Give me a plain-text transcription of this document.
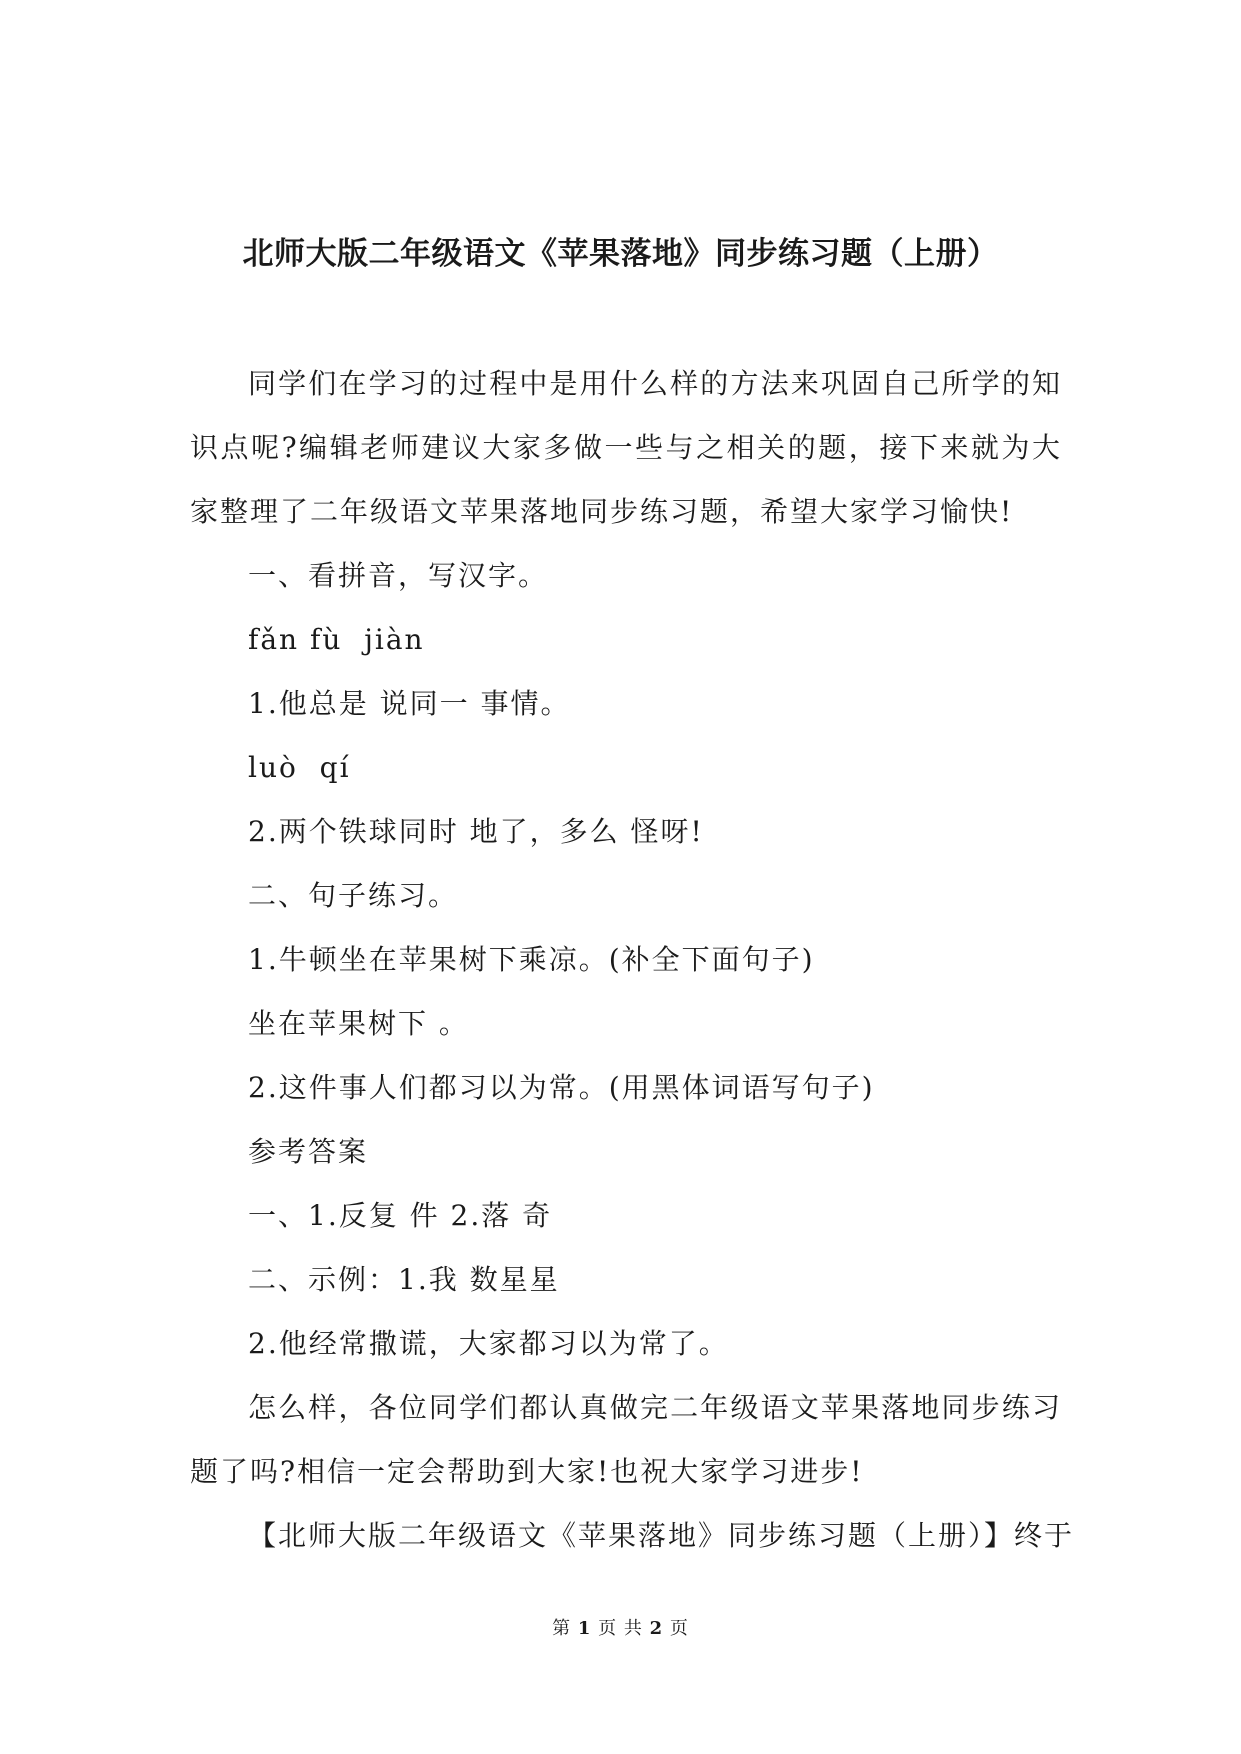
北师大版二年级语文《苹果落地》同步练习题（上册）

同学们在学习的过程中是用什么样的方法来巩固自己所学的知识点呢?编辑老师建议大家多做一些与之相关的题，接下来就为大家整理了二年级语文苹果落地同步练习题，希望大家学习愉快!

一、看拼音，写汉字。

fǎn fù  jiàn

1.他总是 说同一 事情。

luò  qí

2.两个铁球同时 地了，多么 怪呀!

二、句子练习。

1.牛顿坐在苹果树下乘凉。(补全下面句子)

坐在苹果树下 。

2.这件事人们都习以为常。(用黑体词语写句子)

参考答案

一、1.反复 件 2.落 奇

二、示例：1.我 数星星

2.他经常撒谎，大家都习以为常了。

怎么样，各位同学们都认真做完二年级语文苹果落地同步练习题了吗?相信一定会帮助到大家!也祝大家学习进步!

【北师大版二年级语文《苹果落地》同步练习题（上册）】终于

第 1 页 共 2 页
